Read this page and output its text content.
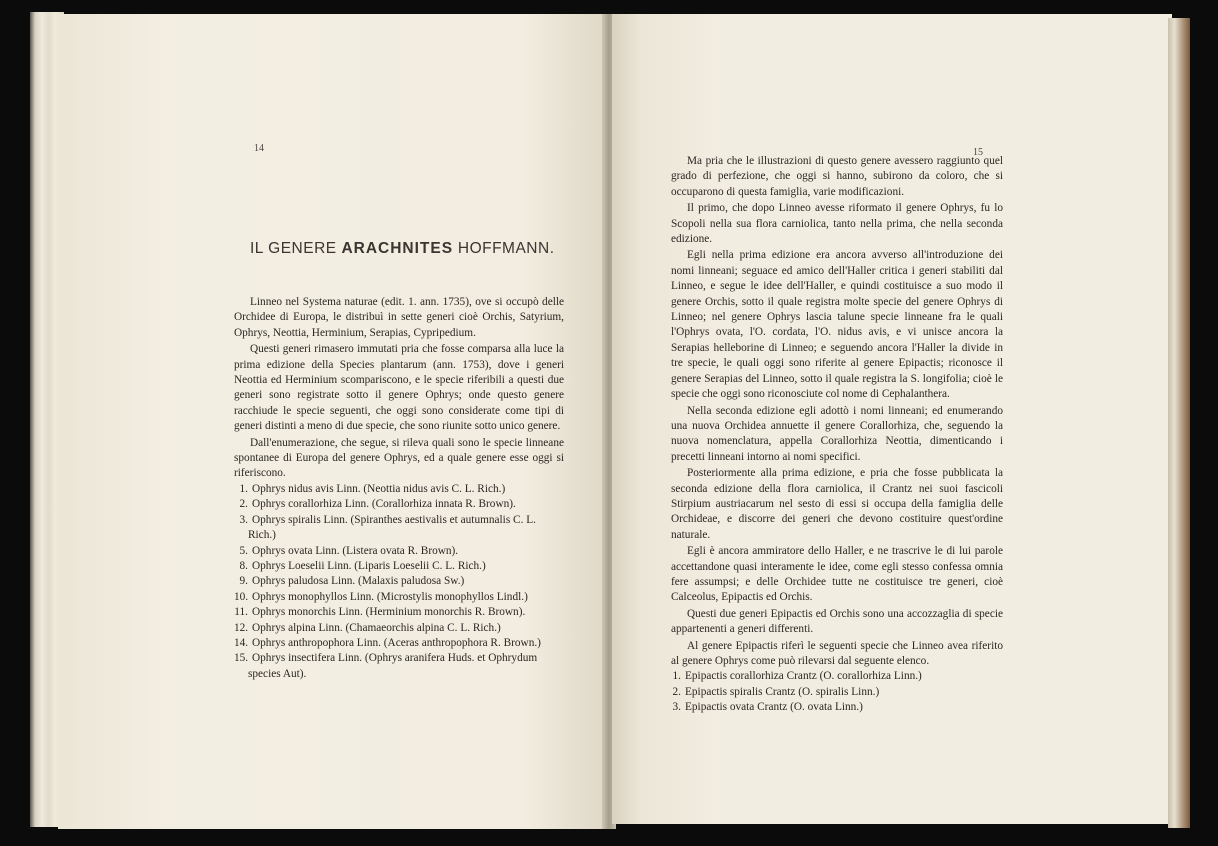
14
IL GENERE ARACHNITES HOFFMANN.

Linneo nel Systema naturae (edit. 1. ann. 1735), ove si occupò delle Orchidee di Europa, le distribuì in sette generi cioè Orchis, Satyrium, Ophrys, Neottia, Herminium, Serapias, Cypripedium.

Questi generi rimasero immutati pria che fosse comparsa alla luce la prima edizione della Species plantarum (ann. 1753), dove i generi Neottia ed Herminium scompariscono, e le specie riferibili a questi due generi sono registrate sotto il genere Ophrys; onde questo genere racchiude le specie seguenti, che oggi sono considerate come tipi di generi distinti a meno di due specie, che sono riunite sotto unico genere.

Dall'enumerazione, che segue, si rileva quali sono le specie linneane spontanee di Europa del genere Ophrys, ed a quale genere esse oggi si riferiscono.

1. Ophrys nidus avis Linn. (Neottia nidus avis C. L. Rich.)
2. Ophrys corallorhiza Linn. (Corallorhiza innata R. Brown).
3. Ophrys spiralis Linn. (Spiranthes aestivalis et autumnalis C. L. Rich.)
5. Ophrys ovata Linn. (Listera ovata R. Brown).
8. Ophrys Loeselii Linn. (Liparis Loeselii C. L. Rich.)
9. Ophrys paludosa Linn. (Malaxis paludosa Sw.)
10. Ophrys monophyllos Linn. (Microstylis monophyllos Lindl.)
11. Ophrys monorchis Linn. (Herminium monorchis R. Brown).
12. Ophrys alpina Linn. (Chamaeorchis alpina C. L. Rich.)
14. Ophrys anthropophora Linn. (Aceras anthropophora R. Brown.)
15. Ophrys insectifera Linn. (Ophrys aranifera Huds. et Ophrydum species Aut).
15

Ma pria che le illustrazioni di questo genere avessero raggiunto quel grado di perfezione, che oggi si hanno, subirono da coloro, che si occuparono di questa famiglia, varie modificazioni.

Il primo, che dopo Linneo avesse riformato il genere Ophrys, fu lo Scopoli nella sua flora carniolica, tanto nella prima, che nella seconda edizione.

Egli nella prima edizione era ancora avverso all'introduzione dei nomi linneani; seguace ed amico dell'Haller critica i generi stabiliti dal Linneo, e segue le idee dell'Haller, e quindi costituisce a suo modo il genere Orchis, sotto il quale registra molte specie del genere Ophrys di Linneo; nel genere Ophrys lascia talune specie linneane fra le quali l'Ophrys ovata, l'O. cordata, l'O. nidus avis, e vi unisce ancora la Serapias helleborine di Linneo; e seguendo ancora l'Haller la divide in tre specie, le quali oggi sono riferite al genere Epipactis; riconosce il genere Serapias del Linneo, sotto il quale registra la S. longifolia; cioè le specie che oggi sono riconosciute col nome di Cephalanthera.

Nella seconda edizione egli adottò i nomi linneani; ed enumerando una nuova Orchidea annuette il genere Corallorhiza, che, seguendo la nuova nomenclatura, appella Corallorhiza Neottia, dimenticando i precetti linneani intorno ai nomi specifici.

Posteriormente alla prima edizione, e pria che fosse pubblicata la seconda edizione della flora carniolica, il Crantz nei suoi fascicoli Stirpium austriacarum nel sesto di essi si occupa della famiglia delle Orchideae, e discorre dei generi che devono costituire quest'ordine naturale.

Egli è ancora ammiratore dello Haller, e ne trascrive le di lui parole accettandone quasi interamente le idee, come egli stesso confessa omnia fere assumpsi; e delle Orchidee tutte ne costituisce tre generi, cioè Calceolus, Epipactis ed Orchis.

Questi due generi Epipactis ed Orchis sono una accozzaglia di specie appartenenti a generi differenti.

Al genere Epipactis riferì le seguenti specie che Linneo avea riferito al genere Ophrys come può rilevarsi dal seguente elenco.

1. Epipactis corallorhiza Crantz (O. corallorhiza Linn.)
2. Epipactis spiralis Crantz (O. spiralis Linn.)
3. Epipactis ovata Crantz (O. ovata Linn.)
